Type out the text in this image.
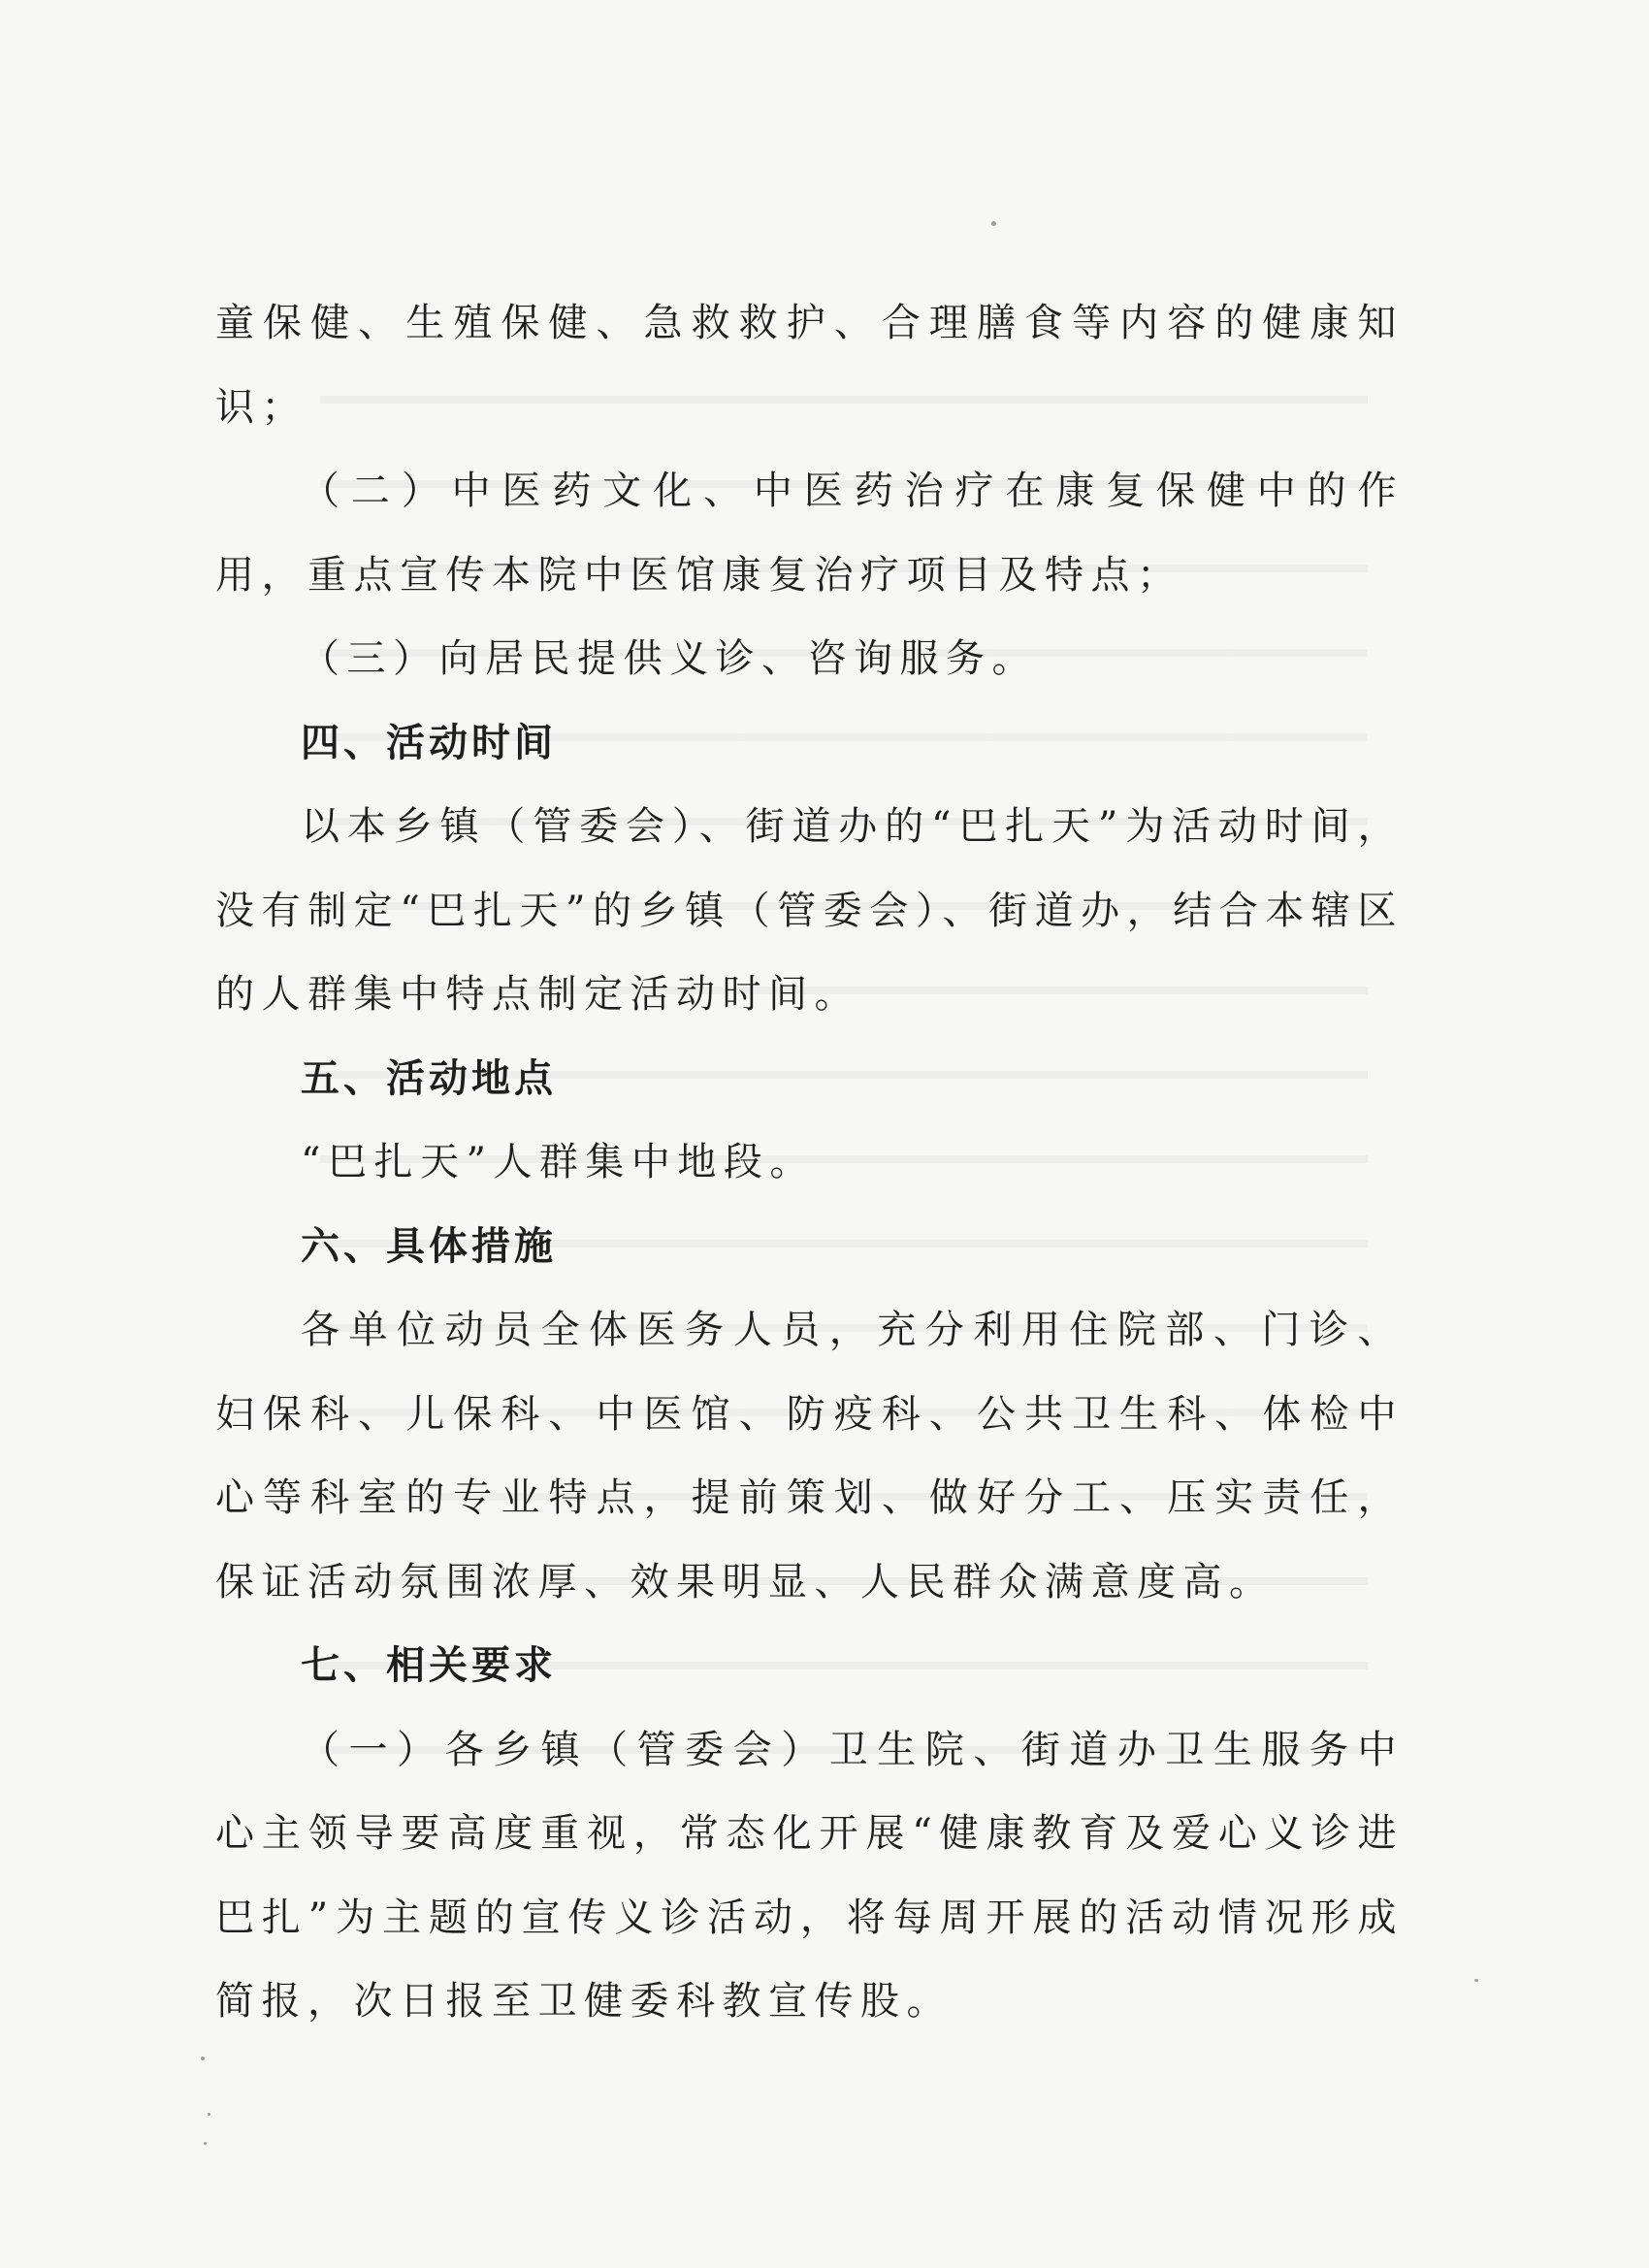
童保健、生殖保健、急救救护、合理膳食等内容的健康知识；

（二）中医药文化、中医药治疗在康复保健中的作用，重点宣传本院中医馆康复治疗项目及特点；

（三）向居民提供义诊、咨询服务。

四、活动时间

以本乡镇（管委会）、街道办的“巴扎天”为活动时间，没有制定“巴扎天”的乡镇（管委会）、街道办，结合本辖区的人群集中特点制定活动时间。

五、活动地点

“巴扎天”人群集中地段。

六、具体措施

各单位动员全体医务人员，充分利用住院部、门诊、妇保科、儿保科、中医馆、防疫科、公共卫生科、体检中心等科室的专业特点，提前策划、做好分工、压实责任，保证活动氛围浓厚、效果明显、人民群众满意度高。

七、相关要求

（一）各乡镇（管委会）卫生院、街道办卫生服务中心主领导要高度重视，常态化开展“健康教育及爱心义诊进巴扎”为主题的宣传义诊活动，将每周开展的活动情况形成简报，次日报至卫健委科教宣传股。
